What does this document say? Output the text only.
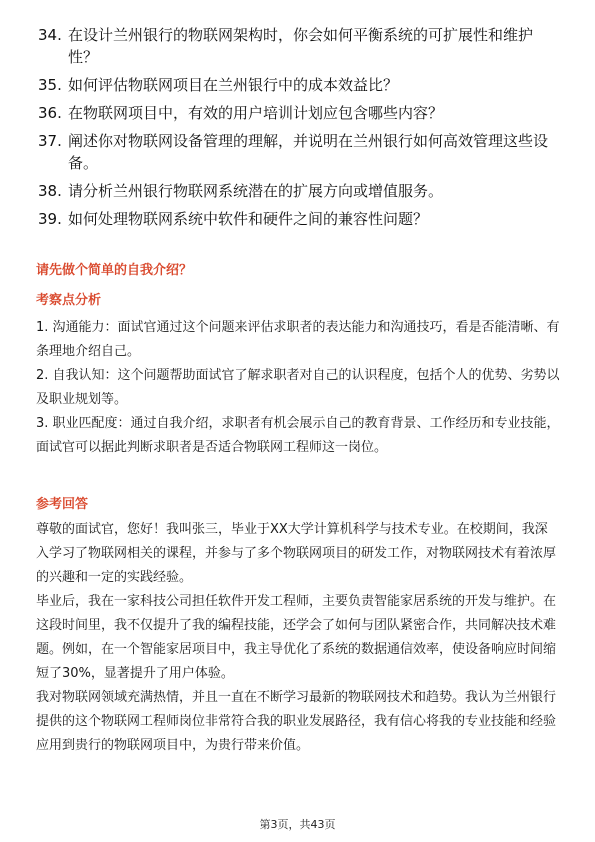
34. 在设计兰州银行的物联网架构时，你会如何平衡系统的可扩展性和维护性？
35. 如何评估物联网项目在兰州银行中的成本效益比？
36. 在物联网项目中，有效的用户培训计划应包含哪些内容？
37. 阐述你对物联网设备管理的理解，并说明在兰州银行如何高效管理这些设备。
38. 请分析兰州银行物联网系统潜在的扩展方向或增值服务。
39. 如何处理物联网系统中软件和硬件之间的兼容性问题？
请先做个简单的自我介绍？
考察点分析

1. 沟通能力：面试官通过这个问题来评估求职者的表达能力和沟通技巧，看是否能清晰、有条理地介绍自己。

2. 自我认知：这个问题帮助面试官了解求职者对自己的认识程度，包括个人的优势、劣势以及职业规划等。

3. 职业匹配度：通过自我介绍，求职者有机会展示自己的教育背景、工作经历和专业技能，面试官可以据此判断求职者是否适合物联网工程师这一岗位。

参考回答

尊敬的面试官，您好！我叫张三，毕业于XX大学计算机科学与技术专业。在校期间，我深入学习了物联网相关的课程，并参与了多个物联网项目的研发工作，对物联网技术有着浓厚的兴趣和一定的实践经验。

毕业后，我在一家科技公司担任软件开发工程师，主要负责智能家居系统的开发与维护。在这段时间里，我不仅提升了我的编程技能，还学会了如何与团队紧密合作，共同解决技术难题。例如，在一个智能家居项目中，我主导优化了系统的数据通信效率，使设备响应时间缩短了30%，显著提升了用户体验。

我对物联网领域充满热情，并且一直在不断学习最新的物联网技术和趋势。我认为兰州银行提供的这个物联网工程师岗位非常符合我的职业发展路径，我有信心将我的专业技能和经验应用到贵行的物联网项目中，为贵行带来价值。

第3页，共43页
